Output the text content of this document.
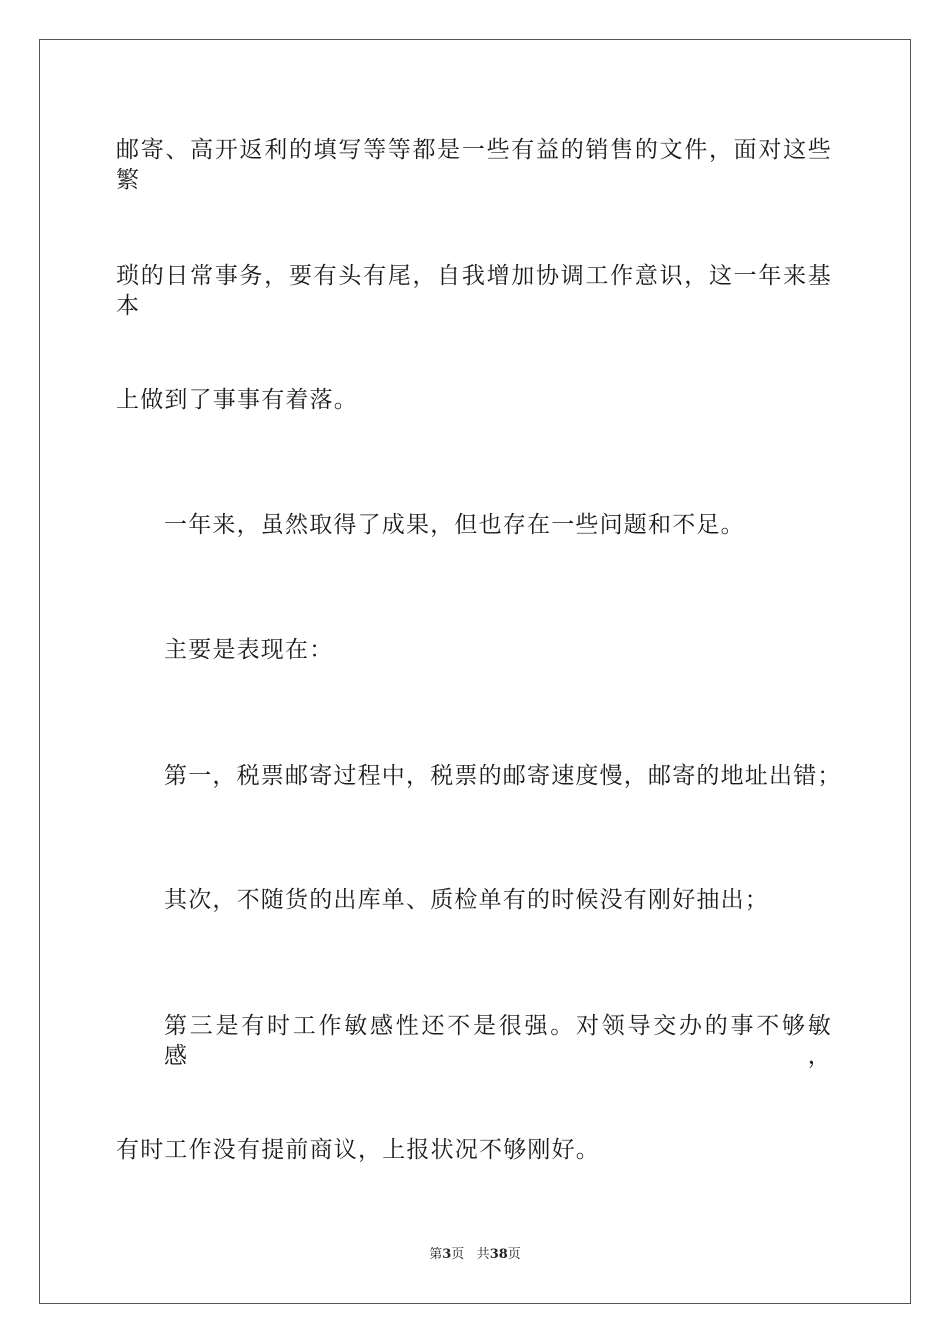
邮寄、高开返利的填写等等都是一些有益的销售的文件，面对这些繁
琐的日常事务，要有头有尾，自我增加协调工作意识，这一年来基本
上做到了事事有着落。
一年来，虽然取得了成果，但也存在一些问题和不足。
主要是表现在：
第一，税票邮寄过程中，税票的邮寄速度慢，邮寄的地址出错；
其次，不随货的出库单、质检单有的时候没有刚好抽出；
第三是有时工作敏感性还不是很强。对领导交办的事不够敏感，
有时工作没有提前商议，上报状况不够刚好。
第3页 共38页
